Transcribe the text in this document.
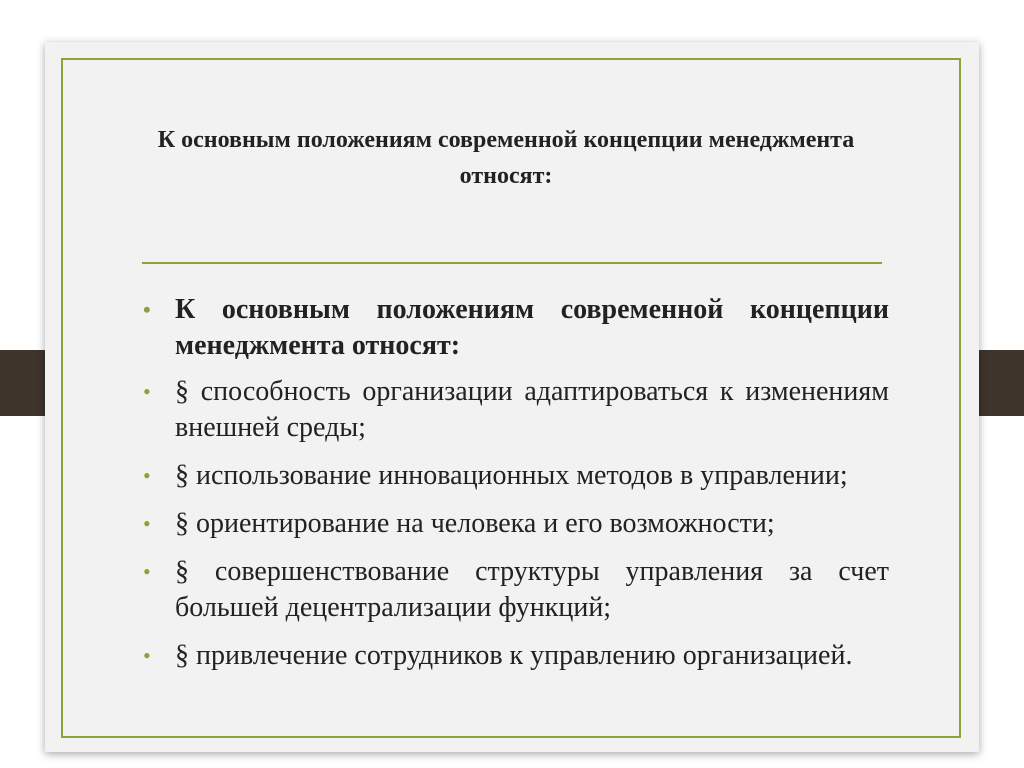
К основным положениям современной концепции менеджмента относят:
• К основным положениям современной концепции менеджмента относят:
• § способность организации адаптироваться к изменениям внешней среды;
• § использование инновационных методов в управлении;
• § ориентирование на человека и его возможности;
• § совершенствование структуры управления за счет большей децентрализации функций;
• § привлечение сотрудников к управлению организацией.
